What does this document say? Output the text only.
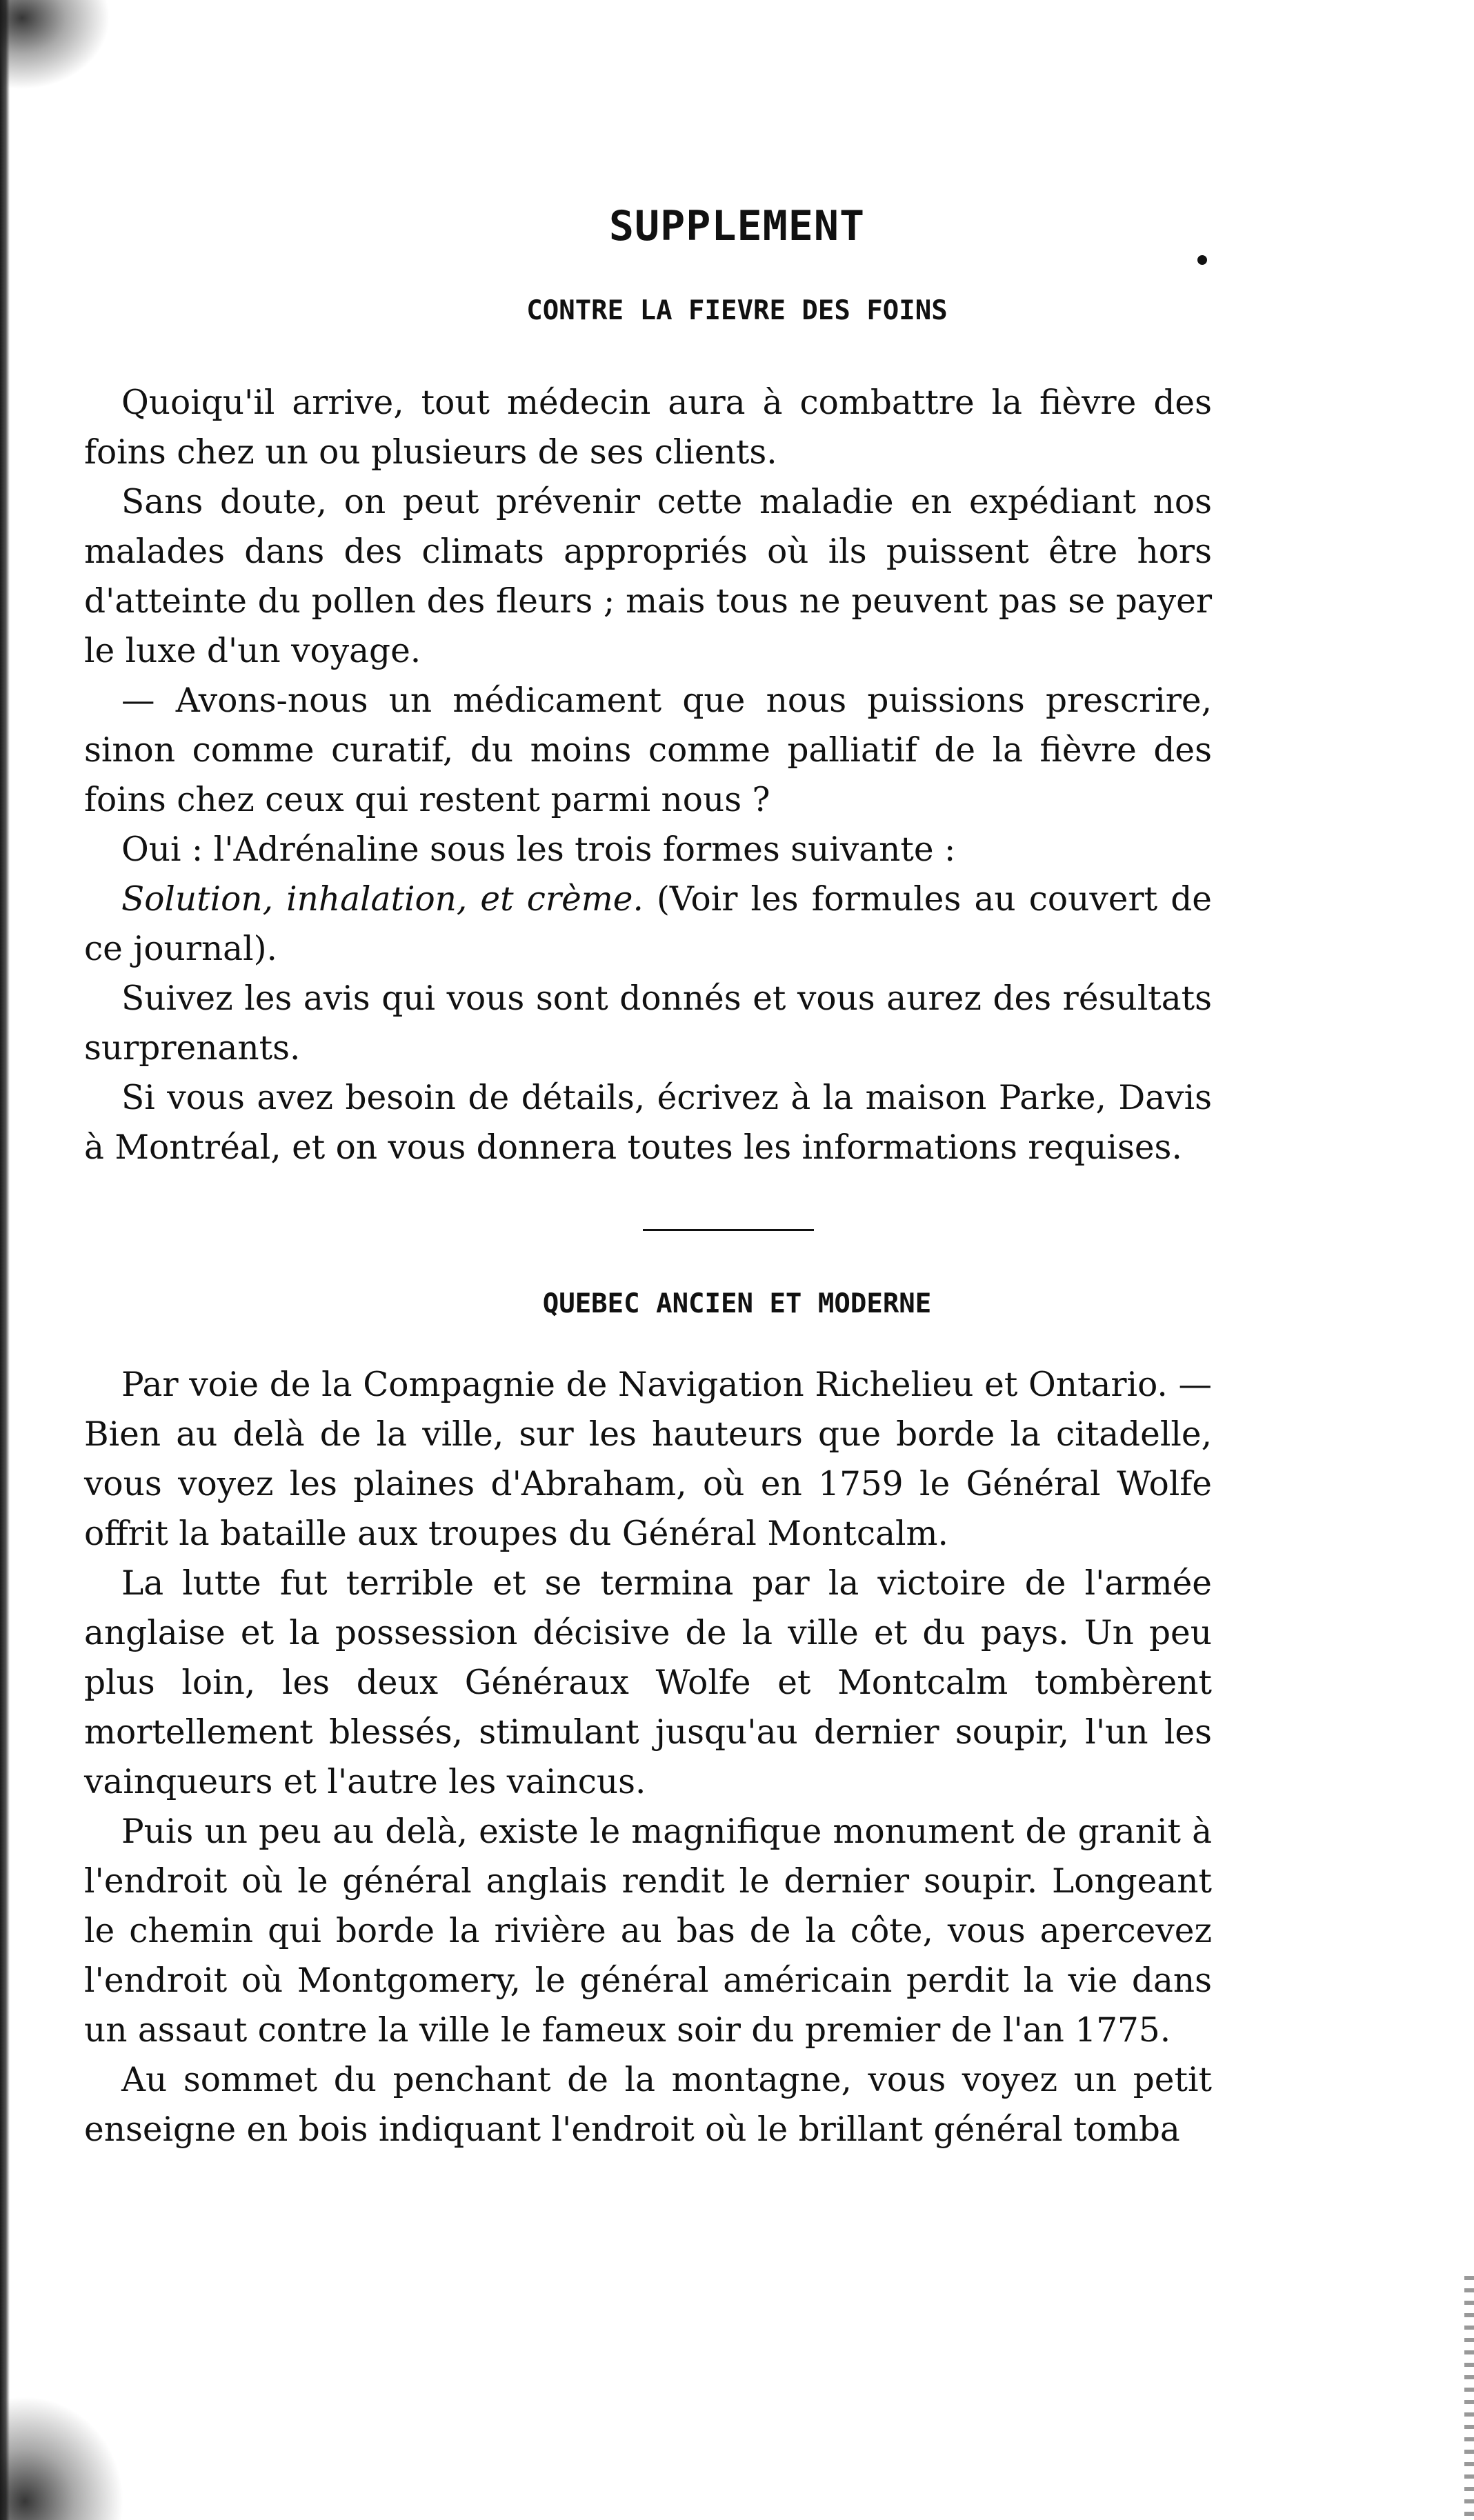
SUPPLEMENT
CONTRE LA FIEVRE DES FOINS

Quoiqu'il arrive, tout médecin aura à combattre la fièvre des foins chez un ou plusieurs de ses clients.

Sans doute, on peut prévenir cette maladie en expédiant nos malades dans des climats appropriés où ils puissent être hors d'atteinte du pollen des fleurs ; mais tous ne peuvent pas se payer le luxe d'un voyage.

— Avons-nous un médicament que nous puissions prescrire, sinon comme curatif, du moins comme palliatif de la fièvre des foins chez ceux qui restent parmi nous ?

Oui : l'Adrénaline sous les trois formes suivante :

Solution, inhalation, et crème. (Voir les formules au couvert de ce journal).

Suivez les avis qui vous sont donnés et vous aurez des résultats surprenants.

Si vous avez besoin de détails, écrivez à la maison Parke, Davis à Montréal, et on vous donnera toutes les informations requises.

QUEBEC ANCIEN ET MODERNE

Par voie de la Compagnie de Navigation Richelieu et Ontario. — Bien au delà de la ville, sur les hauteurs que borde la citadelle, vous voyez les plaines d'Abraham, où en 1759 le Général Wolfe offrit la bataille aux troupes du Général Montcalm.

La lutte fut terrible et se termina par la victoire de l'armée anglaise et la possession décisive de la ville et du pays. Un peu plus loin, les deux Généraux Wolfe et Montcalm tombèrent mortellement blessés, stimulant jusqu'au dernier soupir, l'un les vainqueurs et l'autre les vaincus.

Puis un peu au delà, existe le magnifique monument de granit à l'endroit où le général anglais rendit le dernier soupir. Longeant le chemin qui borde la rivière au bas de la côte, vous apercevez l'endroit où Montgomery, le général américain perdit la vie dans un assaut contre la ville le fameux soir du premier de l'an 1775.

Au sommet du penchant de la montagne, vous voyez un petit enseigne en bois indiquant l'endroit où le brillant général tomba
